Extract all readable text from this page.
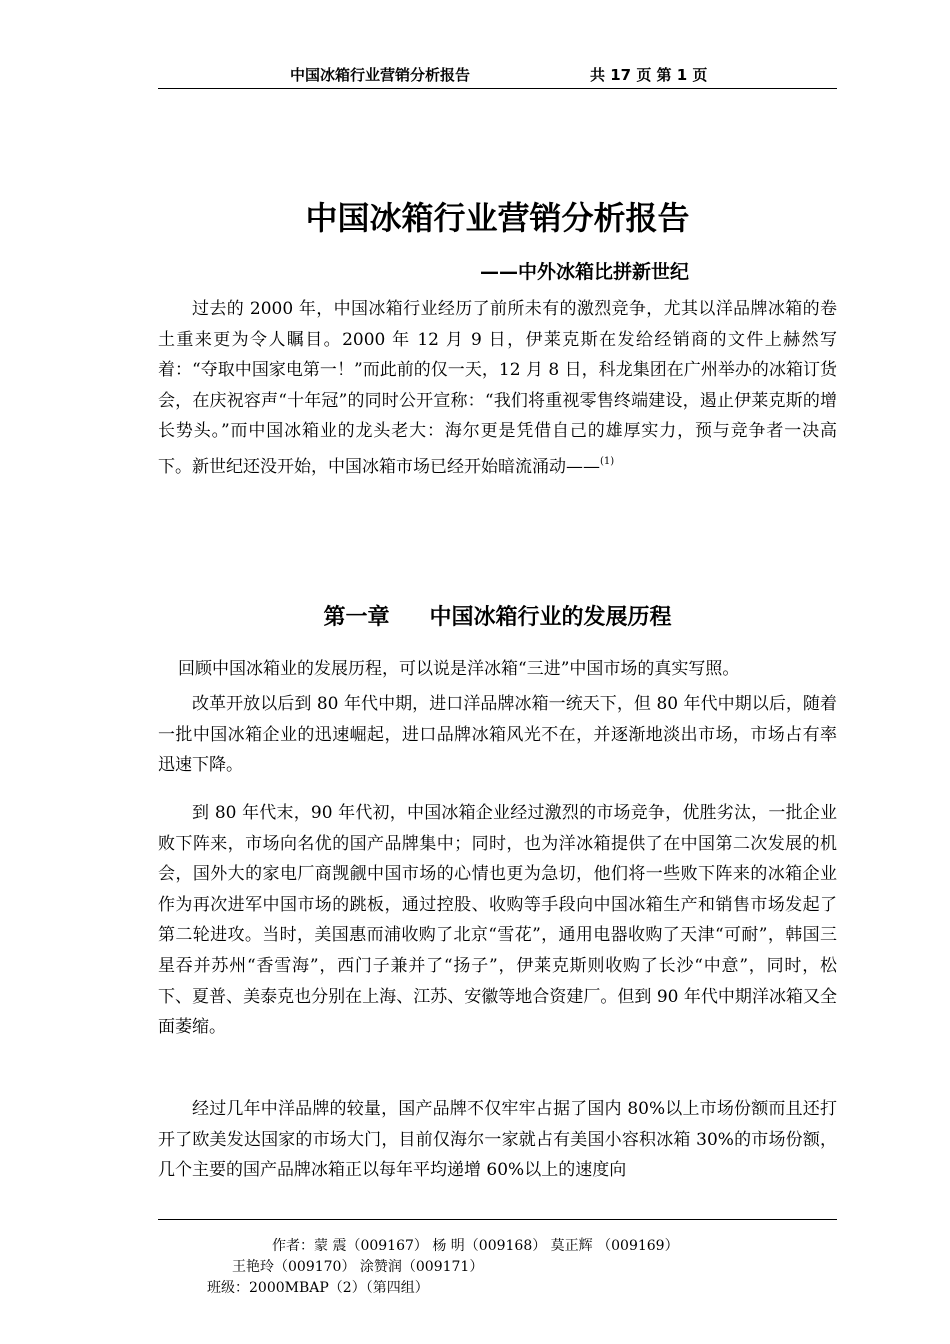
中国冰箱行业营销分析报告	共 17 页 第 1 页
中国冰箱行业营销分析报告
——中外冰箱比拼新世纪

过去的 2000 年，中国冰箱行业经历了前所未有的激烈竞争，尤其以洋品牌冰箱的卷土重来更为令人瞩目。2000 年 12 月 9 日，伊莱克斯在发给经销商的文件上赫然写着：“夺取中国家电第一！”而此前的仅一天，12 月 8 日，科龙集团在广州举办的冰箱订货会，在庆祝容声“十年冠”的同时公开宣称：“我们将重视零售终端建设，遏止伊莱克斯的增长势头。”而中国冰箱业的龙头老大：海尔更是凭借自己的雄厚实力，预与竞争者一决高下。新世纪还没开始，中国冰箱市场已经开始暗流涌动——$^{(1)}$

第一章 中国冰箱行业的发展历程

回顾中国冰箱业的发展历程，可以说是洋冰箱“三进”中国市场的真实写照。

改革开放以后到 80 年代中期，进口洋品牌冰箱一统天下，但 80 年代中期以后，随着一批中国冰箱企业的迅速崛起，进口品牌冰箱风光不在，并逐渐地淡出市场，市场占有率迅速下降。

到 80 年代末，90 年代初，中国冰箱企业经过激烈的市场竞争，优胜劣汰，一批企业败下阵来，市场向名优的国产品牌集中；同时，也为洋冰箱提供了在中国第二次发展的机会，国外大的家电厂商觊觎中国市场的心情也更为急切，他们将一些败下阵来的冰箱企业作为再次进军中国市场的跳板，通过控股、收购等手段向中国冰箱生产和销售市场发起了第二轮进攻。当时，美国惠而浦收购了北京“雪花”，通用电器收购了天津“可耐”，韩国三星吞并苏州“香雪海”，西门子兼并了“扬子”，伊莱克斯则收购了长沙“中意”，同时，松下、夏普、美泰克也分别在上海、江苏、安徽等地合资建厂。但到 90 年代中期洋冰箱又全面萎缩。

经过几年中洋品牌的较量，国产品牌不仅牢牢占据了国内 80%以上市场份额而且还打开了欧美发达国家的市场大门，目前仅海尔一家就占有美国小容积冰箱 30%的市场份额，几个主要的国产品牌冰箱正以每年平均递增 60%以上的速度向

作者：蒙 震（009167） 杨 明（009168） 莫正辉 （009169）
王艳玲（009170） 涂赞润（009171）
班级：2000MBAP（2）（第四组）
